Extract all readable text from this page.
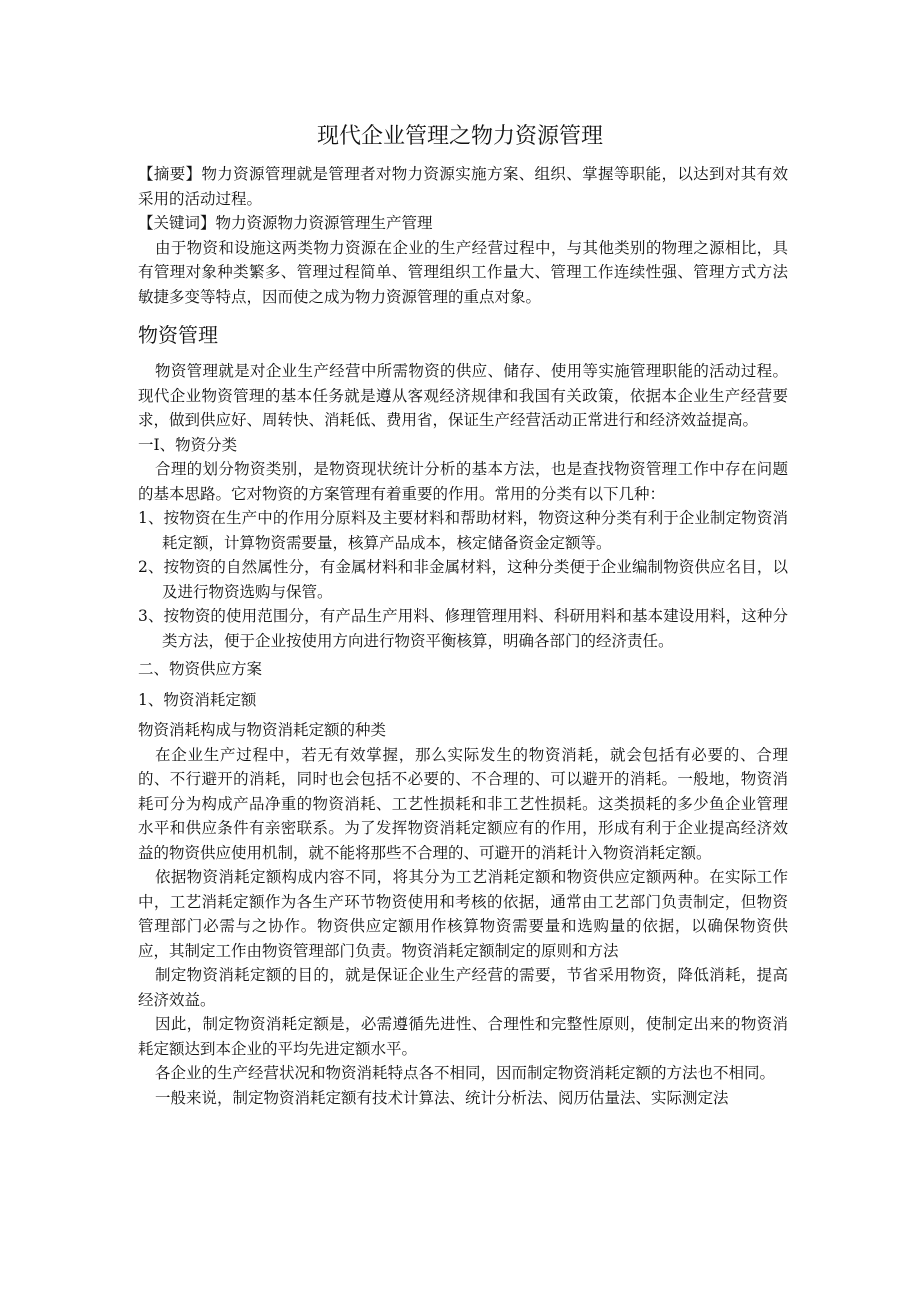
现代企业管理之物力资源管理

【摘要】物力资源管理就是管理者对物力资源实施方案、组织、掌握等职能，以达到对其有效采用的活动过程。

【关键词】物力资源物力资源管理生产管理

由于物资和设施这两类物力资源在企业的生产经营过程中，与其他类别的物理之源相比，具有管理对象种类繁多、管理过程简单、管理组织工作量大、管理工作连续性强、管理方式方法敏捷多变等特点，因而使之成为物力资源管理的重点对象。

物资管理

物资管理就是对企业生产经营中所需物资的供应、储存、使用等实施管理职能的活动过程。现代企业物资管理的基本任务就是遵从客观经济规律和我国有关政策，依据本企业生产经营要求，做到供应好、周转快、消耗低、费用省，保证生产经营活动正常进行和经济效益提高。

一I、物资分类

合理的划分物资类别，是物资现状统计分析的基本方法，也是查找物资管理工作中存在问题的基本思路。它对物资的方案管理有着重要的作用。常用的分类有以下几种：

1、按物资在生产中的作用分原料及主要材料和帮助材料，物资这种分类有利于企业制定物资消耗定额，计算物资需要量，核算产品成本，核定储备资金定额等。

2、按物资的自然属性分，有金属材料和非金属材料，这种分类便于企业编制物资供应名目，以及进行物资选购与保管。

3、按物资的使用范围分，有产品生产用料、修理管理用料、科研用料和基本建设用料，这种分类方法，便于企业按使用方向进行物资平衡核算，明确各部门的经济责任。

二、物资供应方案

1、物资消耗定额

物资消耗构成与物资消耗定额的种类

在企业生产过程中，若无有效掌握，那么实际发生的物资消耗，就会包括有必要的、合理的、不行避开的消耗，同时也会包括不必要的、不合理的、可以避开的消耗。一般地，物资消耗可分为构成产品净重的物资消耗、工艺性损耗和非工艺性损耗。这类损耗的多少鱼企业管理水平和供应条件有亲密联系。为了发挥物资消耗定额应有的作用，形成有利于企业提高经济效益的物资供应使用机制，就不能将那些不合理的、可避开的消耗计入物资消耗定额。

依据物资消耗定额构成内容不同，将其分为工艺消耗定额和物资供应定额两种。在实际工作中，工艺消耗定额作为各生产环节物资使用和考核的依据，通常由工艺部门负责制定，但物资管理部门必需与之协作。物资供应定额用作核算物资需要量和选购量的依据，以确保物资供应，其制定工作由物资管理部门负责。物资消耗定额制定的原则和方法

制定物资消耗定额的目的，就是保证企业生产经营的需要，节省采用物资，降低消耗，提高经济效益。

因此，制定物资消耗定额是，必需遵循先进性、合理性和完整性原则，使制定出来的物资消耗定额达到本企业的平均先进定额水平。

各企业的生产经营状况和物资消耗特点各不相同，因而制定物资消耗定额的方法也不相同。

一般来说，制定物资消耗定额有技术计算法、统计分析法、阅历估量法、实际测定法
